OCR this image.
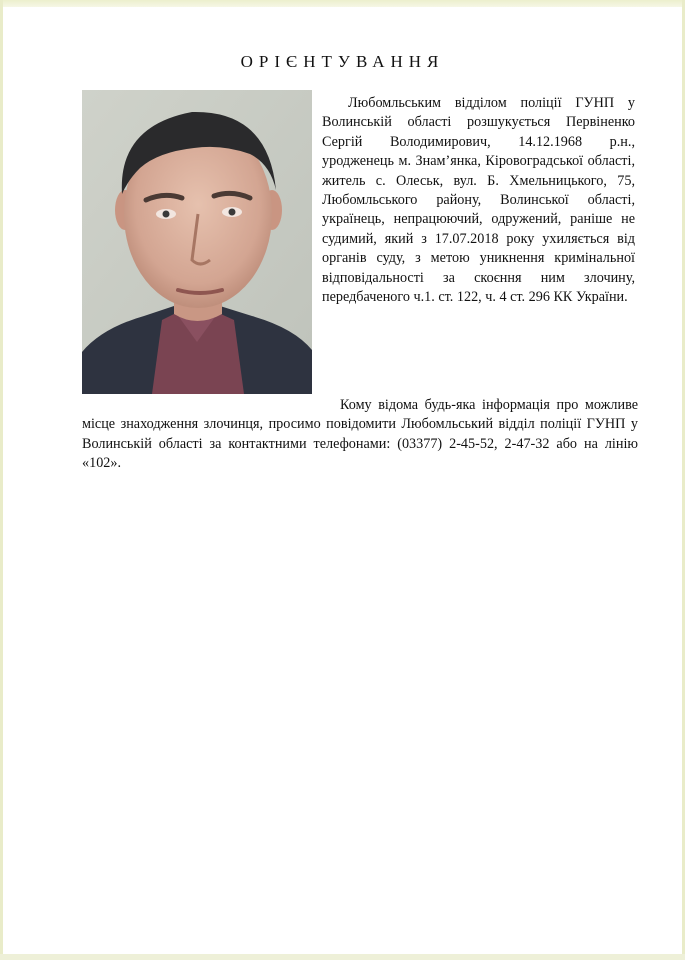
ОРІЄНТУВАННЯ

Любомльським відділом поліції ГУНП у Волинській області розшукується Первіненко Сергій Володимирович, 14.12.1968 р.н., уродженець м. Знам’янка, Кіровоградської області, житель с. Олеськ, вул. Б. Хмельницького, 75, Любомльського району, Волинської області, українець, непрацюючий, одружений, раніше не судимий, який з 17.07.2018 року ухиляється від органів суду, з метою уникнення кримінальної відповідальності за скоєння ним злочину, передбаченого ч.1. ст. 122, ч. 4 ст. 296 КК України.

Кому відома будь-яка інформація про можливе місце знаходження злочинця, просимо повідомити Любомльський відділ поліції ГУНП у Волинській області за контактними телефонами: (03377) 2-45-52, 2-47-32 або на лінію «102».
